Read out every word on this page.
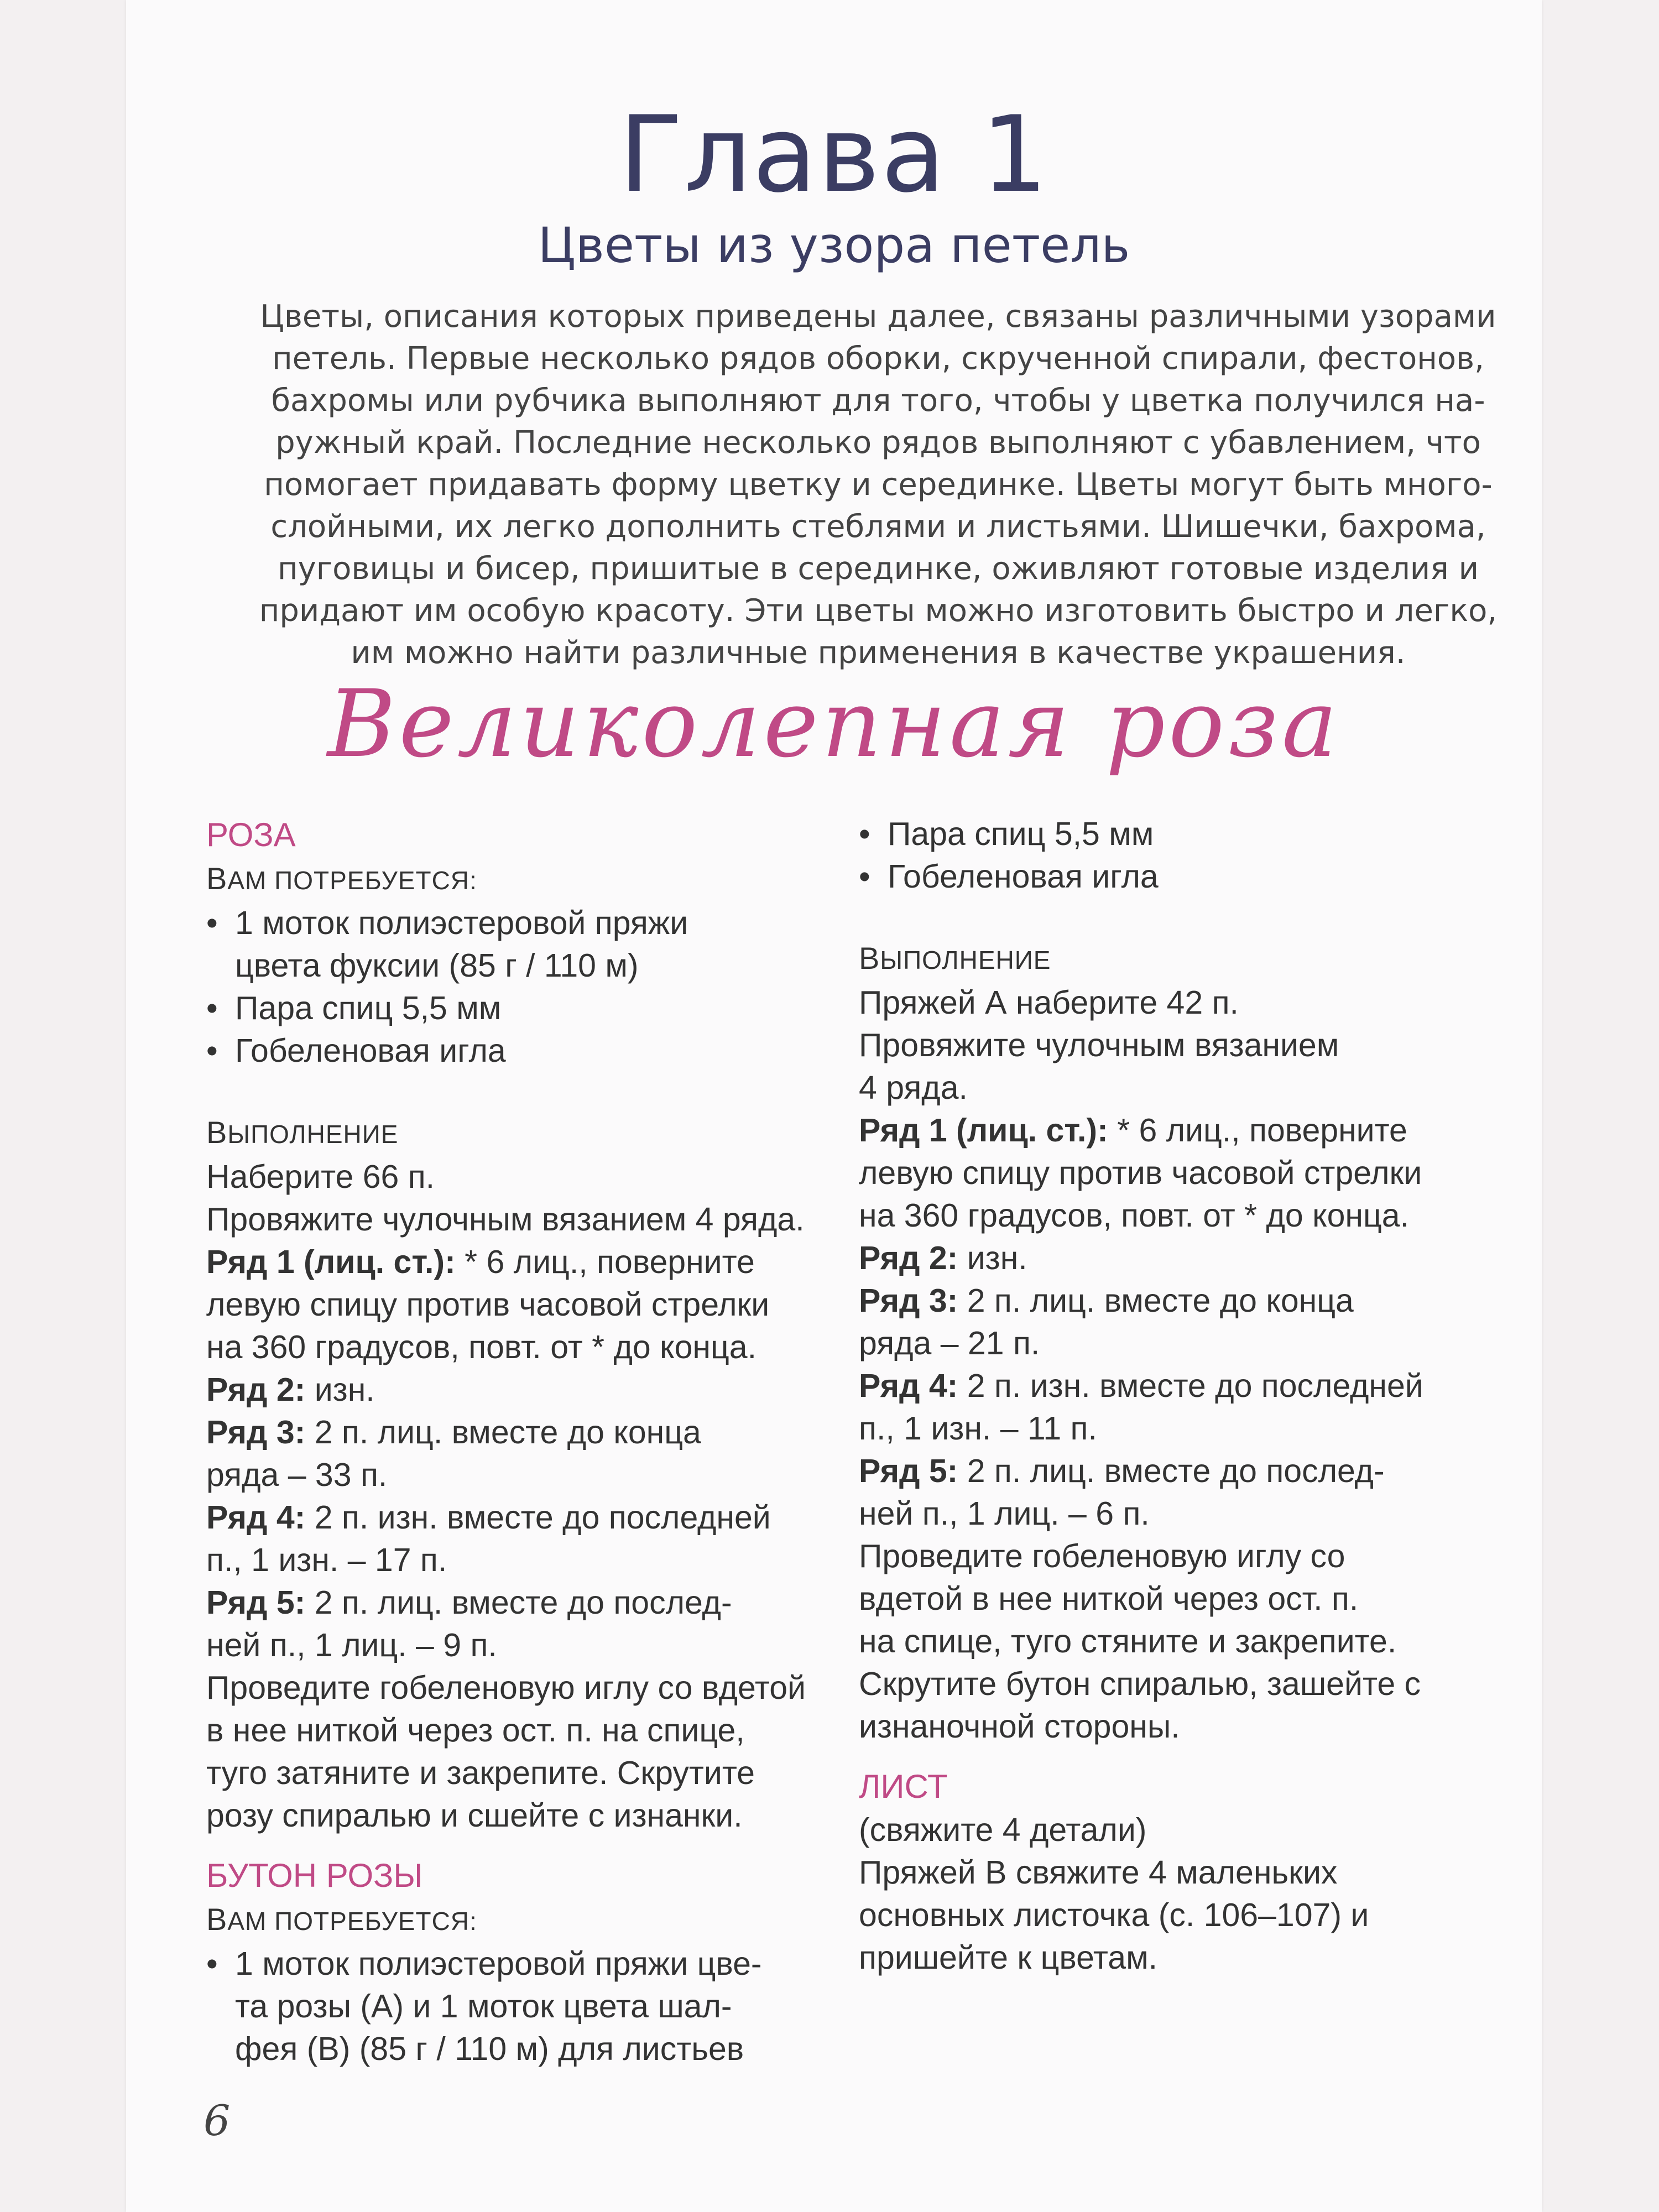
Глава 1
Цветы из узора петель

Цветы, описания которых приведены далее, связаны различными узорами
петель. Первые несколько рядов оборки, скрученной спирали, фестонов,
бахромы или рубчика выполняют для того, чтобы у цветка получился на-
ружный край. Последние несколько рядов выполняют с убавлением, что
помогает придавать форму цветку и серединке. Цветы могут быть много-
слойными, их легко дополнить стеблями и листьями. Шишечки, бахрома,
пуговицы и бисер, пришитые в серединке, оживляют готовые изделия и
придают им особую красоту. Эти цветы можно изготовить быстро и легко,
им можно найти различные применения в качестве украшения.

Великолепная роза
РОЗА
ВАМ ПОТРЕБУЕТСЯ:
• 1 моток полиэстеровой пряжи
цвета фуксии (85 г / 110 м)
• Пара спиц 5,5 мм
• Гобеленовая игла
ВЫПОЛНЕНИЕ
Наберите 66 п.
Провяжите чулочным вязанием 4 ряда.
Ряд 1 (лиц. ст.): * 6 лиц., поверните
левую спицу против часовой стрелки
на 360 градусов, повт. от * до конца.
Ряд 2: изн.
Ряд 3: 2 п. лиц. вместе до конца
ряда – 33 п.
Ряд 4: 2 п. изн. вместе до последней
п., 1 изн. – 17 п.
Ряд 5: 2 п. лиц. вместе до послед-
ней п., 1 лиц. – 9 п.
Проведите гобеленовую иглу со вдетой
в нее ниткой через ост. п. на спице,
туго затяните и закрепите. Скрутите
розу спиралью и сшейте с изнанки.
БУТОН РОЗЫ
ВАМ ПОТРЕБУЕТСЯ:
• 1 моток полиэстеровой пряжи цве-
та розы (А) и 1 моток цвета шал-
фея (В) (85 г / 110 м) для листьев
• Пара спиц 5,5 мм
• Гобеленовая игла
ВЫПОЛНЕНИЕ
Пряжей А наберите 42 п.
Провяжите чулочным вязанием
4 ряда.
Ряд 1 (лиц. ст.): * 6 лиц., поверните
левую спицу против часовой стрелки
на 360 градусов, повт. от * до конца.
Ряд 2: изн.
Ряд 3: 2 п. лиц. вместе до конца
ряда – 21 п.
Ряд 4: 2 п. изн. вместе до последней
п., 1 изн. – 11 п.
Ряд 5: 2 п. лиц. вместе до послед-
ней п., 1 лиц. – 6 п.
Проведите гобеленовую иглу со
вдетой в нее ниткой через ост. п.
на спице, туго стяните и закрепите.
Скрутите бутон спиралью, зашейте с
изнаночной стороны.
ЛИСТ
(свяжите 4 детали)
Пряжей В свяжите 4 маленьких
основных листочка (с. 106–107) и
пришейте к цветам.
6
